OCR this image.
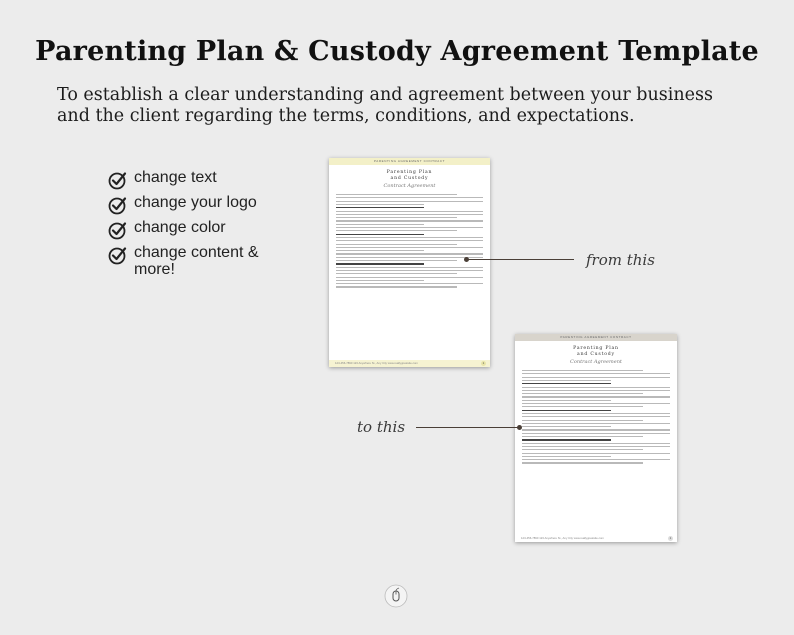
Parenting Plan & Custody Agreement Template
To establish a clear understanding and agreement between your business
and the client regarding the terms, conditions, and expectations.
change text
change your logo
change color
change content &
more!
PARENTING AGREEMENT CONTRACT
Parenting Plan
and Custody
Contract Agreement
123-456-7890 123 Anywhere St., Any City www.reallygreatsite.com	1
PARENTING AGREEMENT CONTRACT
Parenting Plan
and Custody
Contract Agreement
123-456-7890 123 Anywhere St., Any City www.reallygreatsite.com	1
from this
to this
